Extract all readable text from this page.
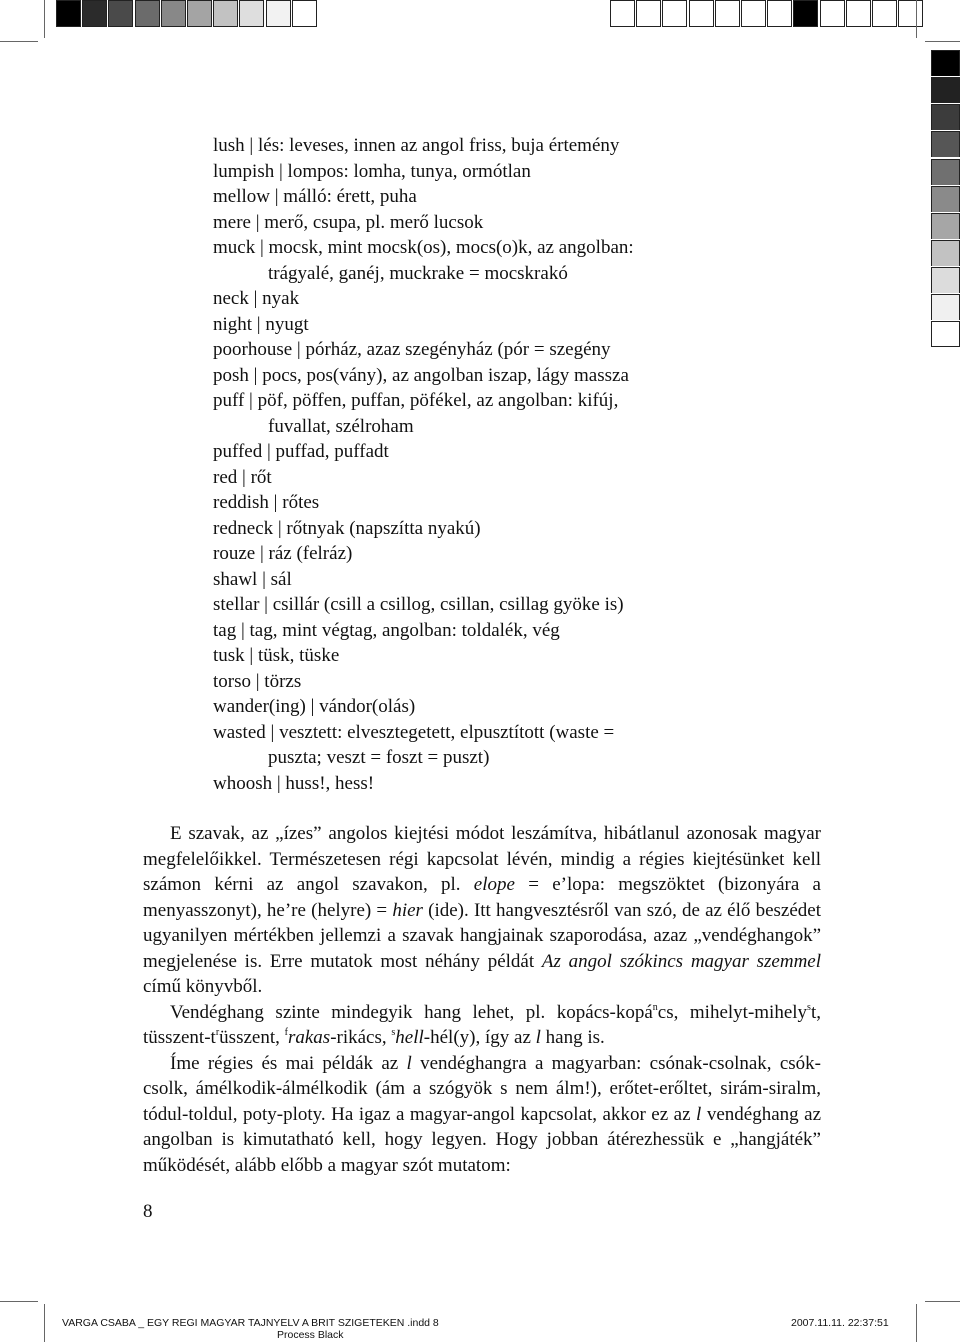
lush | lés: leveses, innen az angol friss, buja értemény
lumpish | lompos: lomha, tunya, ormótlan
mellow | málló: érett, puha
mere | merő, csupa, pl. merő lucsok
muck | mocsk, mint mocsk(os), mocs(o)k, az angolban:
trágyalé, ganéj, muckrake = mocskrakó
neck | nyak
night | nyugt
poorhouse | pórház, azaz szegényház (pór = szegény
posh | pocs, pos(vány), az angolban iszap, lágy massza
puff | pöf, pöffen, puffan, pöfékel, az angolban: kifúj,
fuvallat, szélroham
puffed | puffad, puffadt
red | rőt
reddish | rőtes
redneck | rőtnyak (napszítta nyakú)
rouze | ráz (felráz)
shawl | sál
stellar | csillár (csill a csillog, csillan, csillag gyöke is)
tag | tag, mint végtag, angolban: toldalék, vég
tusk | tüsk, tüske
torso | törzs
wander(ing) | vándor(olás)
wasted | vesztett: elvesztegetett, elpusztított (waste =
puszta; veszt = foszt = puszt)
whoosh | huss!, hess!

E szavak, az „ízes” angolos kiejtési módot leszámítva, hibátlanul azonosak magyar megfelelőikkel. Természetesen régi kapcsolat lévén, mindig a régies kiejtésünket kell számon kérni az angol szavakon, pl. elope = e’lopa: megszöktet (bizonyára a menyasszonyt), he’re (helyre) = hier (ide). Itt hangvesztésről van szó, de az élő beszédet ugyanilyen mértékben jellemzi a szavak hangjainak szaporodása, azaz „vendéghangok” megjelenése is. Erre mutatok most néhány példát Az angol szókincs magyar szemmel című könyvből.

Vendéghang szinte mindegyik hang lehet, pl. kopács-kopá$^n$cs, mihelyt-mihely$^s$t, tüsszent-$t^rüsszent$, $^f$rakas-rikács, $^s$hell-hél(y), így az l hang is.

Íme régies és mai példák az l vendéghangra a magyarban: csónak-csolnak, csók-csolk, ámélkodik-álmélkodik (ám a szógyök s nem álm!), erőtet-erőltet, sirám-siralm, tódul-toldul, poty-ploty. Ha igaz a magyar-angol kapcsolat, akkor ez az l vendéghang az angolban is kimutatható kell, hogy legyen. Hogy jobban átérezhessük e „hangjáték” működését, alább előbb a magyar szót mutatom:

8
VARGA CSABA _ EGY REGI MAGYAR TAJNYELV A BRIT SZIGETEKEN .indd 8	2007.11.11. 22:37:51
Process Black
